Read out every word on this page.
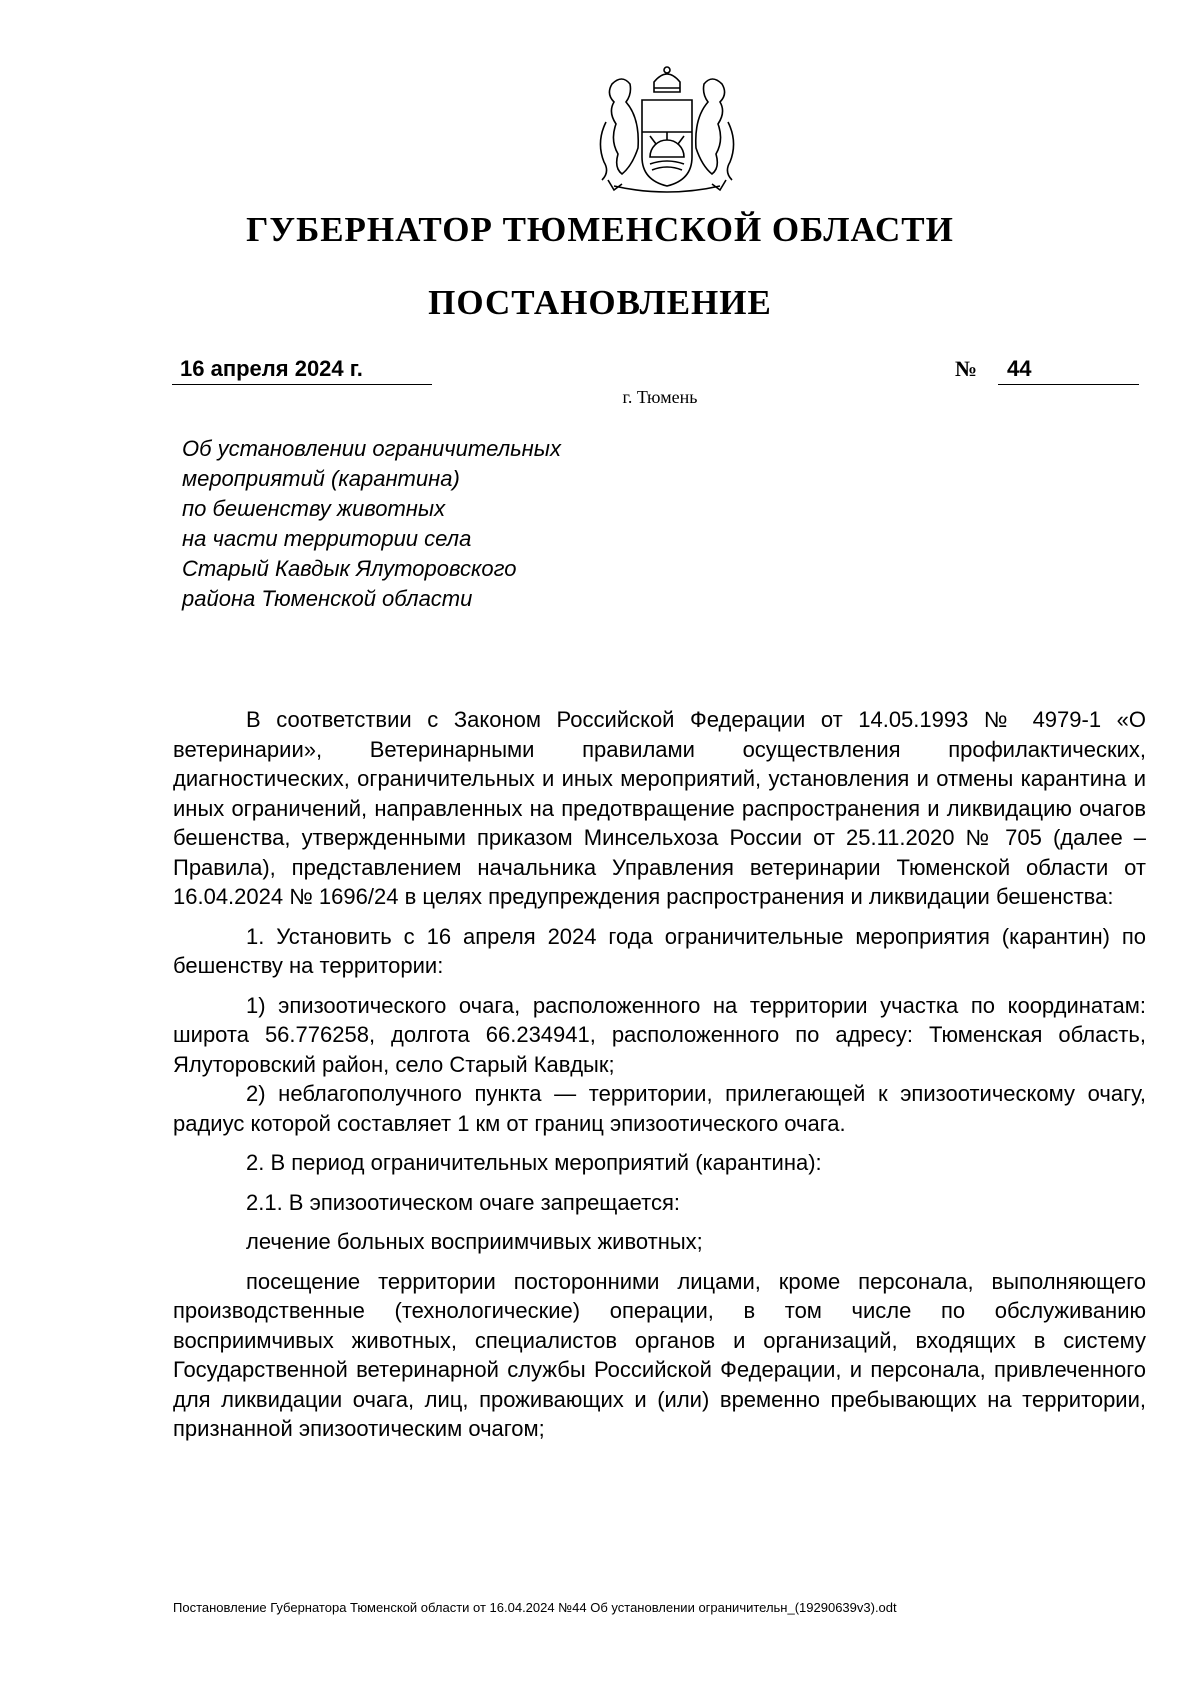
ГУБЕРНАТОР ТЮМЕНСКОЙ ОБЛАСТИ
ПОСТАНОВЛЕНИЕ
16 апреля 2024 г.	№ 44
г. Тюмень
Об установлении ограничительных
мероприятий (карантина)
по бешенству животных
на части территории села
Старый Кавдык Ялуторовского
района Тюменской области

В соответствии с Законом Российской Федерации от 14.05.1993 № 4979-1 «О ветеринарии», Ветеринарными правилами осуществления профилактических, диагностических, ограничительных и иных мероприятий, установления и отмены карантина и иных ограничений, направленных на предотвращение распространения и ликвидацию очагов бешенства, утвержденными приказом Минсельхоза России от 25.11.2020 № 705 (далее – Правила), представлением начальника Управления ветеринарии Тюменской области от 16.04.2024 № 1696/24 в целях предупреждения распространения и ликвидации бешенства:

1. Установить с 16 апреля 2024 года ограничительные мероприятия (карантин) по бешенству на территории:

1) эпизоотического очага, расположенного на территории участка по координатам: широта 56.776258, долгота 66.234941, расположенного по адресу: Тюменская область, Ялуторовский район, село Старый Кавдык;

2) неблагополучного пункта — территории, прилегающей к эпизоотическому очагу, радиус которой составляет 1 км от границ эпизоотического очага.

2. В период ограничительных мероприятий (карантина):

2.1. В эпизоотическом очаге запрещается:

лечение больных восприимчивых животных;

посещение территории посторонними лицами, кроме персонала, выполняющего производственные (технологические) операции, в том числе по обслуживанию восприимчивых животных, специалистов органов и организаций, входящих в систему Государственной ветеринарной службы Российской Федерации, и персонала, привлеченного для ликвидации очага, лиц, проживающих и (или) временно пребывающих на территории, признанной эпизоотическим очагом;

Постановление Губернатора Тюменской области от 16.04.2024 №44 Об установлении ограничительн_(19290639v3).odt
